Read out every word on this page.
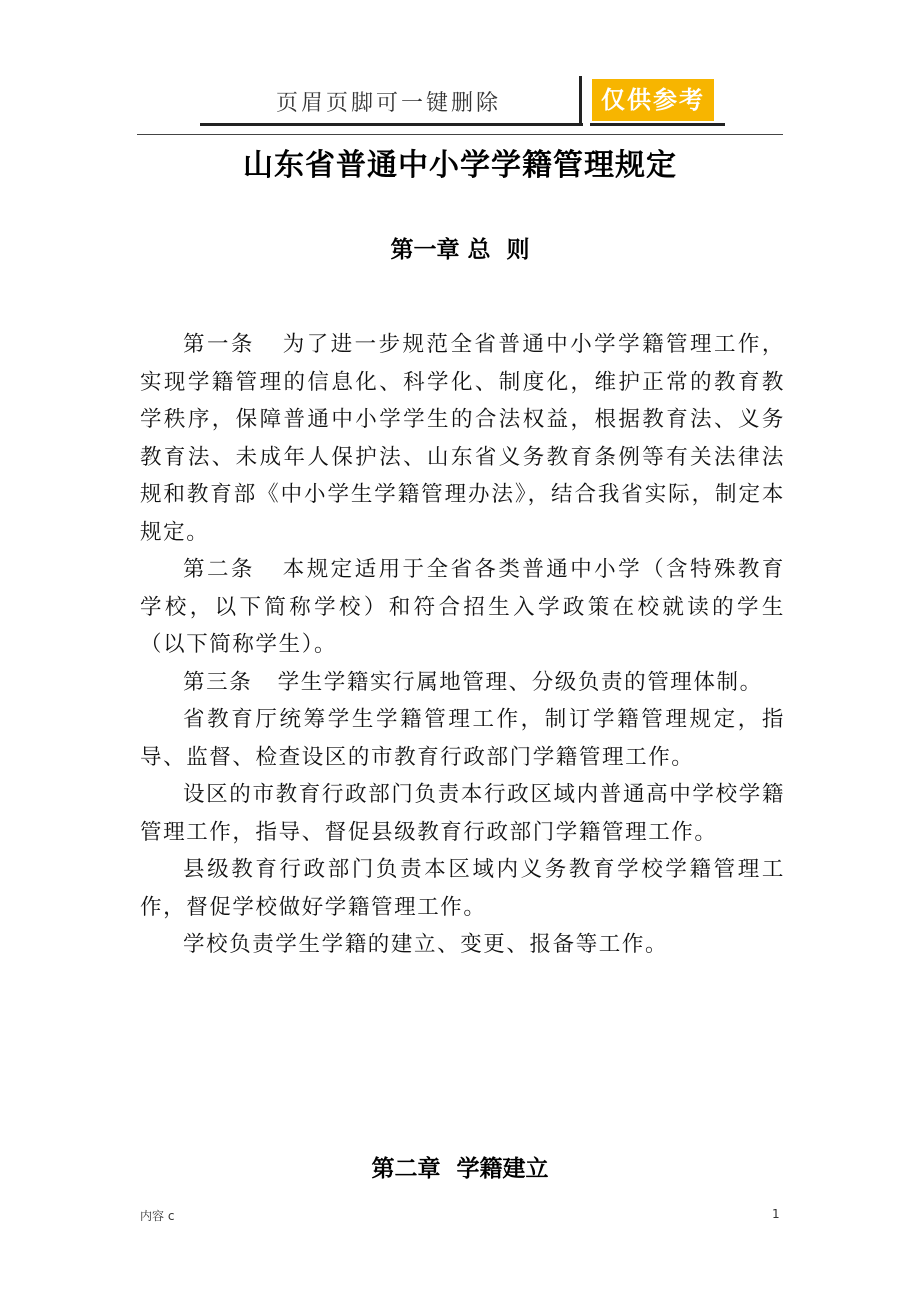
页眉页脚可一键删除	仅供参考
山东省普通中小学学籍管理规定
第一章 总  则

第一条   为了进一步规范全省普通中小学学籍管理工作，实现学籍管理的信息化、科学化、制度化，维护正常的教育教学秩序，保障普通中小学学生的合法权益，根据教育法、义务教育法、未成年人保护法、山东省义务教育条例等有关法律法规和教育部《中小学生学籍管理办法》，结合我省实际，制定本规定。

第二条   本规定适用于全省各类普通中小学（含特殊教育学校，以下简称学校）和符合招生入学政策在校就读的学生（以下简称学生）。

第三条   学生学籍实行属地管理、分级负责的管理体制。

省教育厅统筹学生学籍管理工作，制订学籍管理规定，指导、监督、检查设区的市教育行政部门学籍管理工作。

设区的市教育行政部门负责本行政区域内普通高中学校学籍管理工作，指导、督促县级教育行政部门学籍管理工作。

县级教育行政部门负责本区域内义务教育学校学籍管理工作，督促学校做好学籍管理工作。

学校负责学生学籍的建立、变更、报备等工作。

第二章  学籍建立
内容 c	1
